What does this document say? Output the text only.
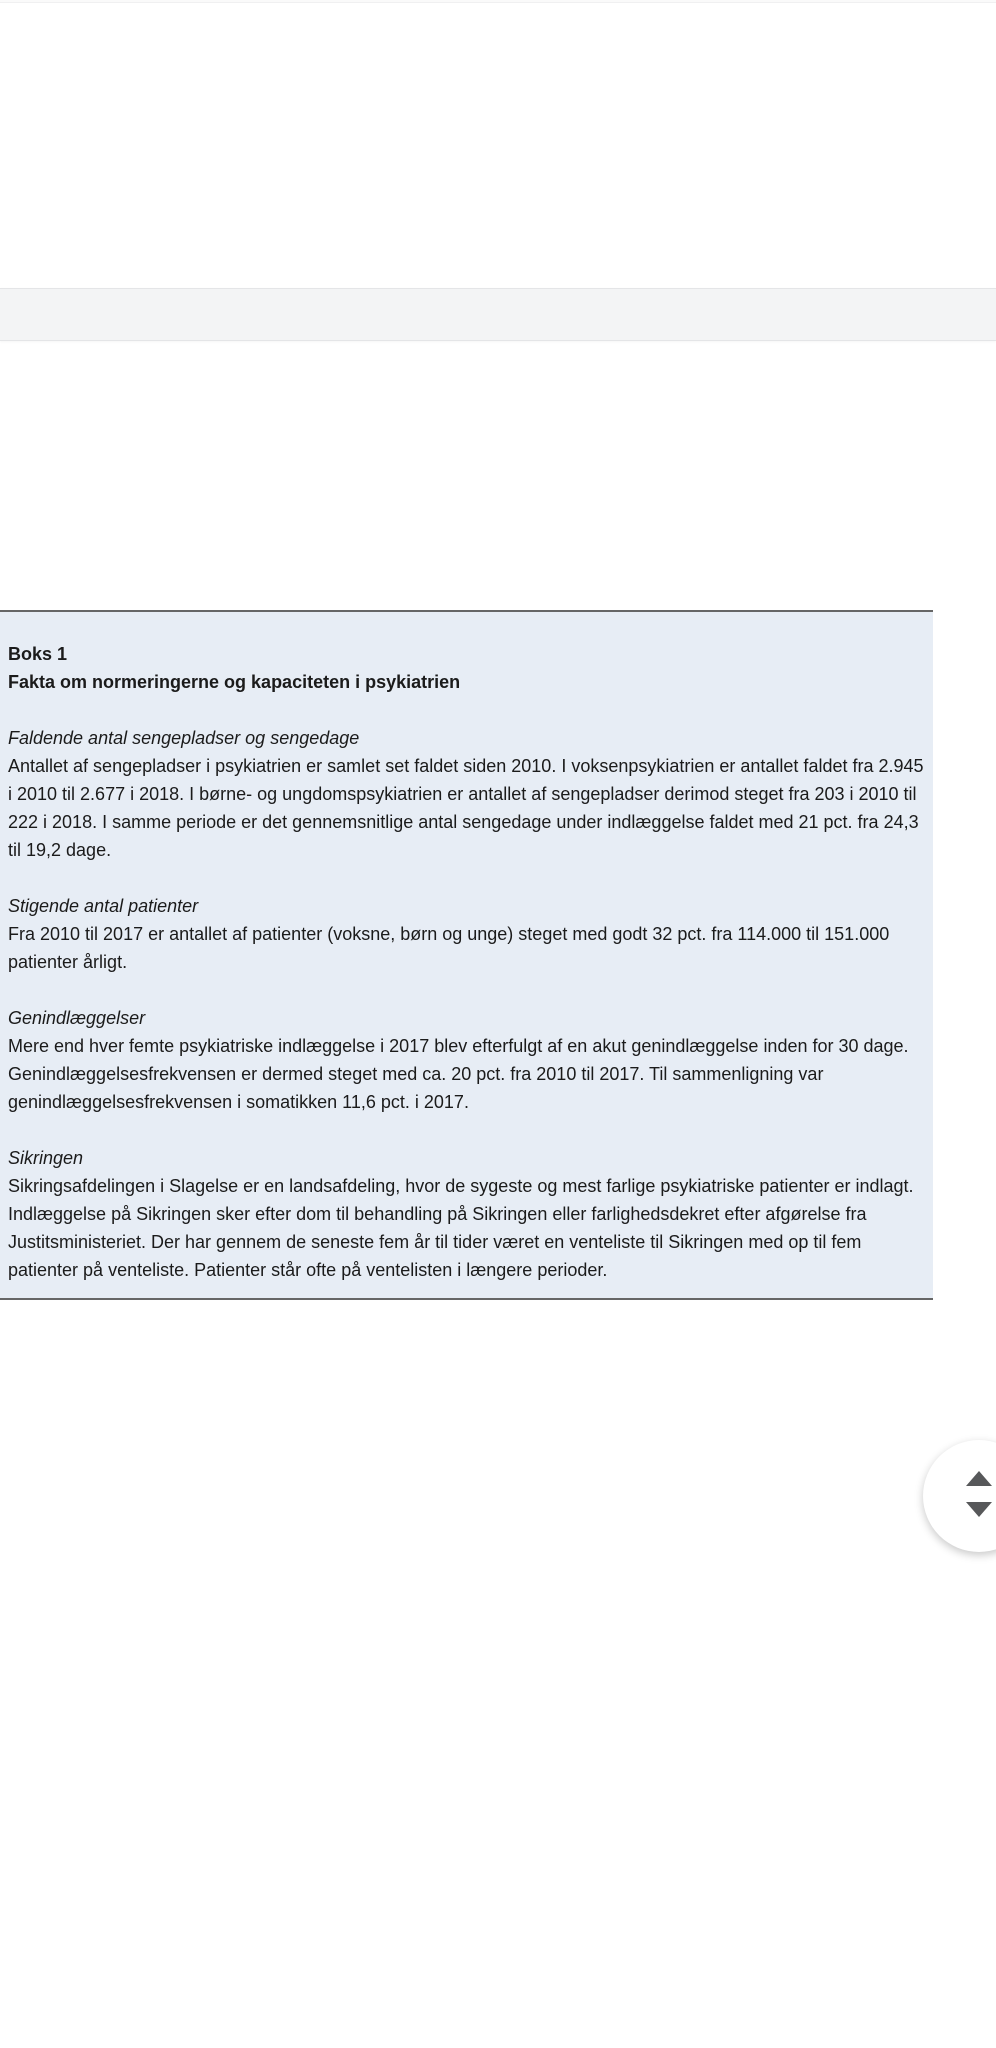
Boks 1
Fakta om normeringerne og kapaciteten i psykiatrien
Faldende antal sengepladser og sengedage
Antallet af sengepladser i psykiatrien er samlet set faldet siden 2010. I voksenpsykiatrien er antallet faldet fra 2.945 i 2010 til 2.677 i 2018. I børne- og ungdomspsykiatrien er antallet af sengepladser derimod steget fra 203 i 2010 til 222 i 2018. I samme periode er det gennemsnitlige antal sengedage under indlæggelse faldet med 21 pct. fra 24,3 til 19,2 dage.
Stigende antal patienter
Fra 2010 til 2017 er antallet af patienter (voksne, børn og unge) steget med godt 32 pct. fra 114.000 til 151.000 patienter årligt.
Genindlæggelser
Mere end hver femte psykiatriske indlæggelse i 2017 blev efterfulgt af en akut genindlæggelse inden for 30 dage. Genindlæggelsesfrekvensen er dermed steget med ca. 20 pct. fra 2010 til 2017. Til sammenligning var genindlæggelsesfrekvensen i somatikken 11,6 pct. i 2017.
Sikringen
Sikringsafdelingen i Slagelse er en landsafdeling, hvor de sygeste og mest farlige psykiatriske patienter er indlagt. Indlæggelse på Sikringen sker efter dom til behandling på Sikringen eller farlighedsdekret efter afgørelse fra Justitsministeriet. Der har gennem de seneste fem år til tider været en venteliste til Sikringen med op til fem patienter på venteliste. Patienter står ofte på ventelisten i længere perioder.
